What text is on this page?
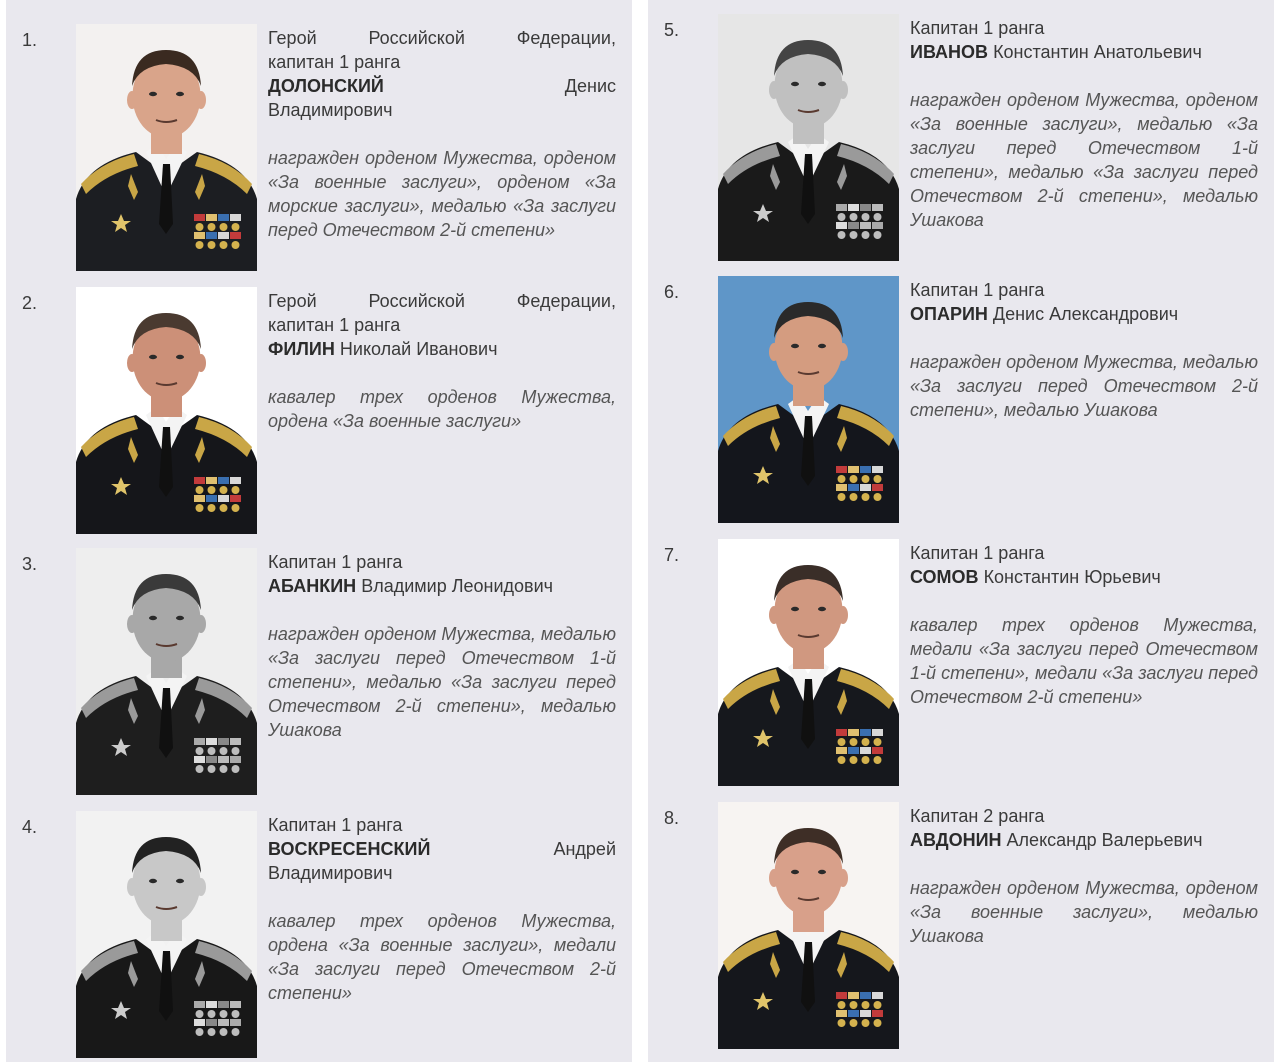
1.	Герой Российской Федерации,
капитан 1 ранга
ДОЛОНСКИЙ	Денис
Владимирович
награжден орденом Мужества, орденом «За военные заслуги», орденом «За морские заслуги», медалью «За заслуги перед Отечеством 2-й степени»
2.	Герой Российской Федерации,
капитан 1 ранга
ФИЛИН Николай Иванович
кавалер трех орденов Мужества, ордена «За военные заслуги»
3.	Капитан 1 ранга
АБАНКИН Владимир Леонидович
награжден орденом Мужества, медалью «За заслуги перед Отечеством 1-й степени», медалью «За заслуги перед Отечеством 2-й степени», медалью Ушакова
4.	Капитан 1 ранга
ВОСКРЕСЕНСКИЙ	Андрей
Владимирович
кавалер трех орденов Мужества, ордена «За военные заслуги», медали «За заслуги перед Отечеством 2-й степени»
5.	Капитан 1 ранга
ИВАНОВ Константин Анатольевич
награжден орденом Мужества, орденом «За военные заслуги», медалью «За заслуги перед Отечеством 1-й степени», медалью «За заслуги перед Отечеством 2-й степени», медалью Ушакова
6.	Капитан 1 ранга
ОПАРИН Денис Александрович
награжден орденом Мужества, медалью «За заслуги перед Отечеством 2-й степени», медалью Ушакова
7.	Капитан 1 ранга
СОМОВ Константин Юрьевич
кавалер трех орденов Мужества, медали «За заслуги перед Отечеством 1-й степени», медали «За заслуги перед Отечеством 2-й степени»
8.	Капитан 2 ранга
АВДОНИН Александр Валерьевич
награжден орденом Мужества, орденом «За военные заслуги», медалью Ушакова
